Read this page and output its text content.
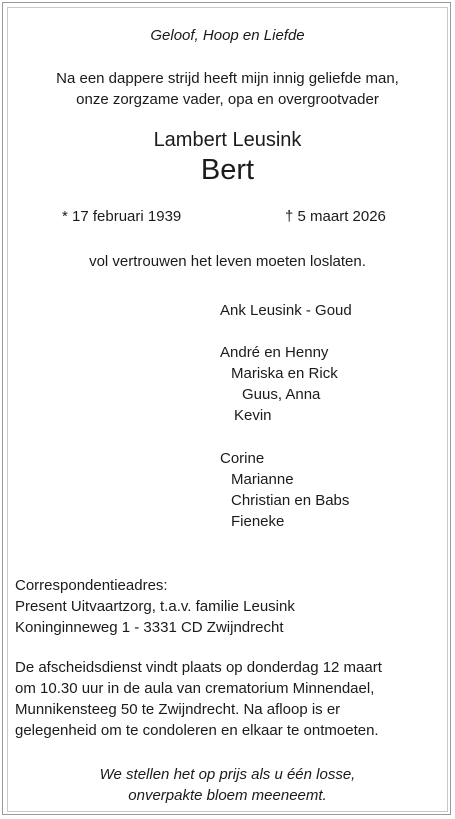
Geloof, Hoop en Liefde
Na een dappere strijd heeft mijn innig geliefde man,
onze zorgzame vader, opa en overgrootvader
Lambert Leusink
Bert
* 17 februari 1939	† 5 maart 2026
vol vertrouwen het leven moeten loslaten.
Ank Leusink - Goud
André en Henny
Mariska en Rick
Guus, Anna
Kevin
Corine
Marianne
Christian en Babs
Fieneke
Correspondentieadres:
Present Uitvaartzorg, t.a.v. familie Leusink
Koninginneweg 1 - 3331 CD Zwijndrecht
De afscheidsdienst vindt plaats op donderdag 12 maart
om 10.30 uur in de aula van crematorium Minnendael,
Munnikensteeg 50 te Zwijndrecht. Na afloop is er
gelegenheid om te condoleren en elkaar te ontmoeten.
We stellen het op prijs als u één losse,
onverpakte bloem meeneemt.
